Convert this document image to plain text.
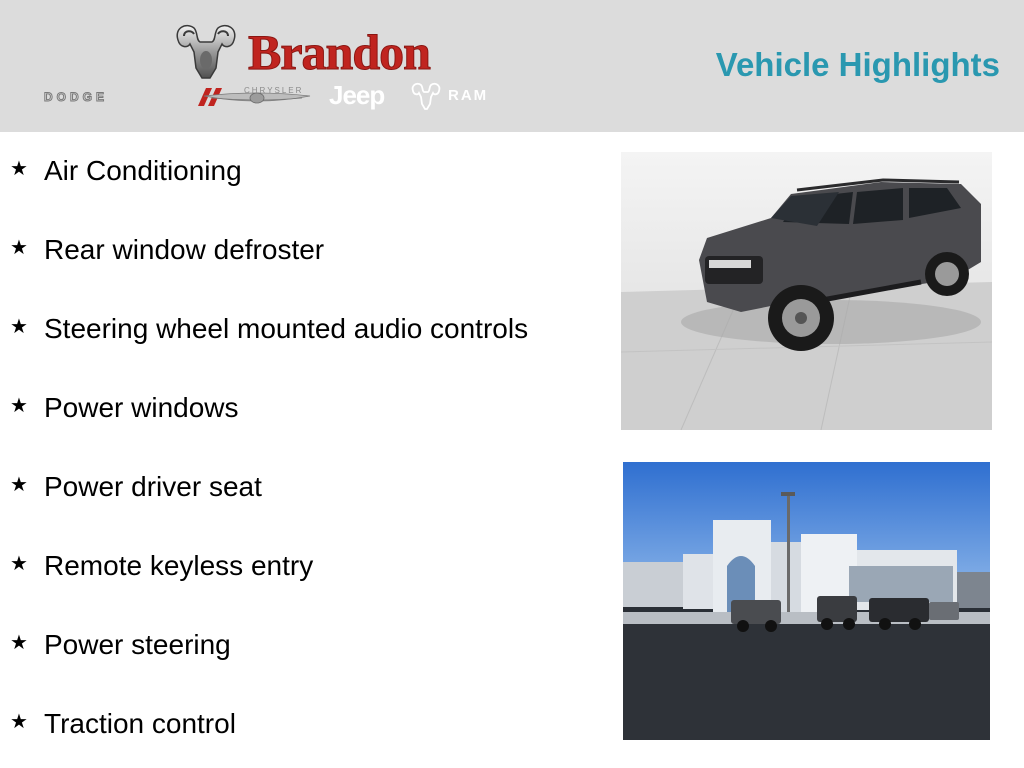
Brandon
DODGE	CHRYSLER Jeep	RAM
Vehicle Highlights
★ Air Conditioning
★ Rear window defroster
★ Steering wheel mounted audio controls
★ Power windows
★ Power driver seat
★ Remote keyless entry
★ Power steering
★ Traction control
